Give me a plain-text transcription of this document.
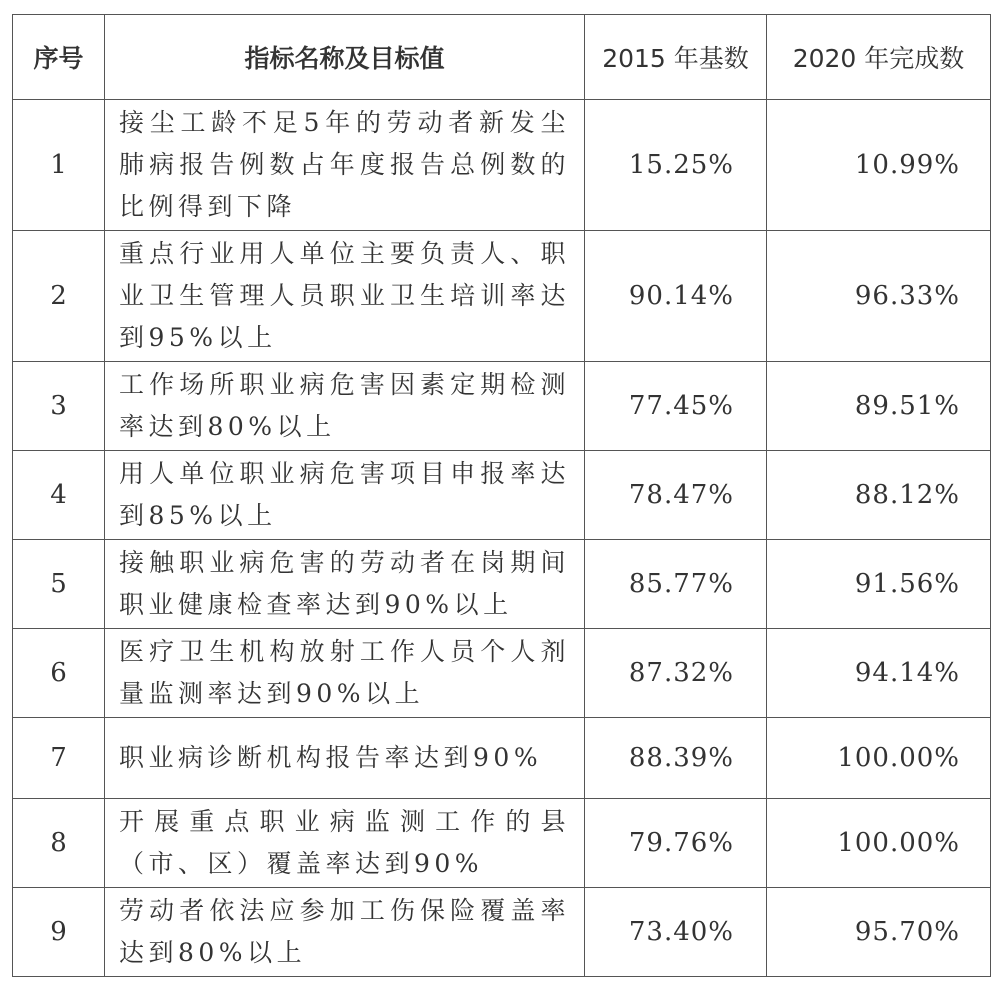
序号	指标名称及目标值	2015 年基数	2020 年完成数
1	接尘工龄不足5年的劳动者新发尘肺病报告例数占年度报告总例数的比例得到下降	15.25%	10.99%
2	重点行业用人单位主要负责人、职业卫生管理人员职业卫生培训率达到95%以上	90.14%	96.33%
3	工作场所职业病危害因素定期检测率达到80%以上	77.45%	89.51%
4	用人单位职业病危害项目申报率达到85%以上	78.47%	88.12%
5	接触职业病危害的劳动者在岗期间职业健康检查率达到90%以上	85.77%	91.56%
6	医疗卫生机构放射工作人员个人剂量监测率达到90%以上	87.32%	94.14%
7	职业病诊断机构报告率达到90%	88.39%	100.00%
8	开展重点职业病监测工作的县（市、区）覆盖率达到90%	79.76%	100.00%
9	劳动者依法应参加工伤保险覆盖率达到80%以上	73.40%	95.70%
